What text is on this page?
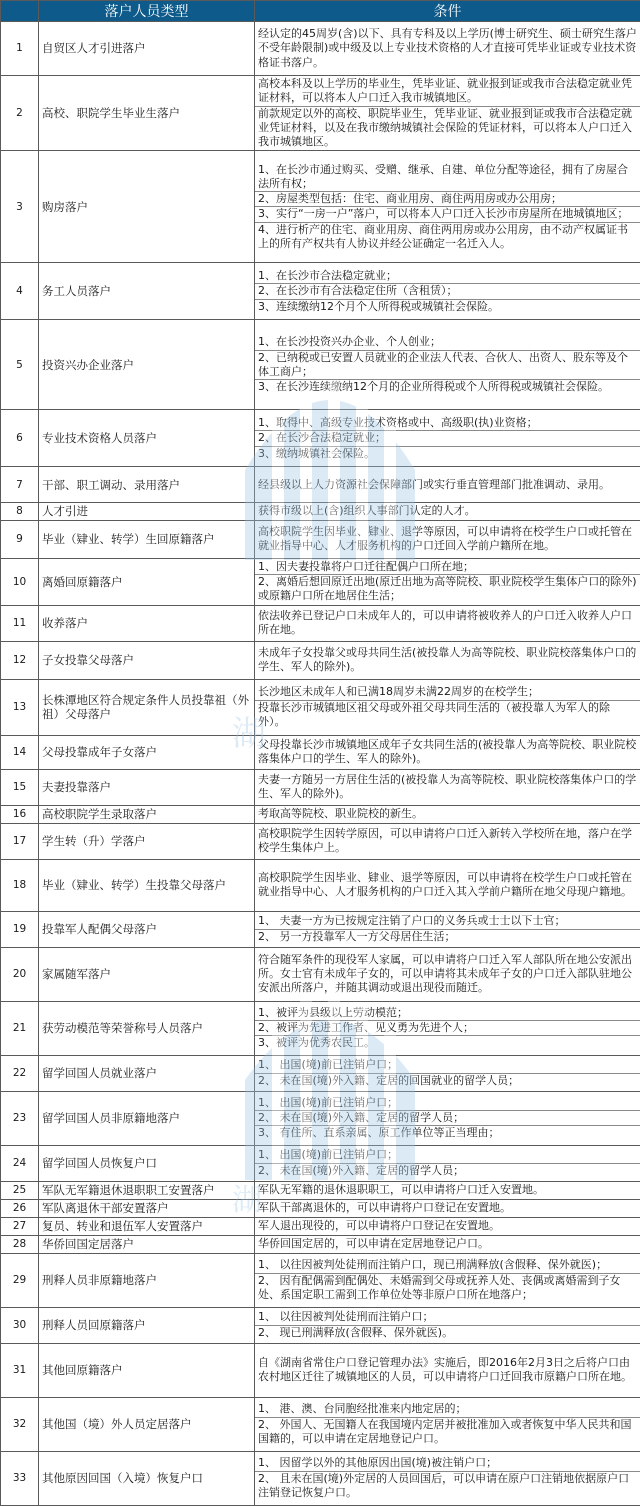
	落户人员类型	条件
1	自贸区人才引进落户	经认定的45周岁(含)以下、具有专科及以上学历(博士研究生、硕士研究生落户不受年龄限制)或中级及以上专业技术资格的人才直接可凭毕业证或专业技术资格证书落户。

2	高校、职院学生毕业生落户	高校本科及以上学历的毕业生，凭毕业证、就业报到证或我市合法稳定就业凭证材料，可以将本人户口迁入我市城镇地区。
前款规定以外的高校、职院毕业生，凭毕业证、就业报到证或我市合法稳定就业凭证材料，以及在我市缴纳城镇社会保险的凭证材料，可以将本人户口迁入我市城镇地区。

3	购房落户	1、在长沙市通过购买、受赠、继承、自建、单位分配等途径，拥有了房屋合法所有权；
2、房屋类型包括：住宅、商业用房、商住两用房或办公用房；
3、实行“一房一户”落户，可以将本人户口迁入长沙市房屋所在地城镇地区；
4、进行析产的住宅、商业用房、商住两用房或办公用房，由不动产权属证书上的所有产权共有人协议并经公证确定一名迁入人。

4	务工人员落户	1、在长沙市合法稳定就业；
2、在长沙市有合法稳定住所（含租赁）；
3、连续缴纳12个月个人所得税或城镇社会保险。

5	投资兴办企业落户	1、在长沙投资兴办企业、个人创业；
2、已纳税或已安置人员就业的企业法人代表、合伙人、出资人、股东等及个体工商户；
3、在长沙连续缴纳12个月的企业所得税或个人所得税或城镇社会保险。

6	专业技术资格人员落户	1、取得中、高级专业技术资格或中、高级职(执)业资格；
2、在长沙合法稳定就业；
3、缴纳城镇社会保险。

7	干部、职工调动、录用落户	经县级以上人力资源社会保障部门或实行垂直管理部门批准调动、录用。

8	人才引进	获得市级以上(含)组织人事部门认定的人才。

9	毕业（肄业、转学）生回原籍落户	高校职院学生因毕业、肄业、退学等原因，可以申请将在校学生户口或托管在就业指导中心、人才服务机构的户口迁回入学前户籍所在地。

10	离婚回原籍落户	1、因夫妻投靠将户口迁往配偶户口所在地；
2、离婚后想回原迁出地(原迁出地为高等院校、职业院校学生集体户口的除外)或原籍户口所在地居住生活；

11	收养落户	依法收养已登记户口未成年人的，可以申请将被收养人的户口迁入收养人户口所在地。

12	子女投靠父母落户	未成年子女投靠父或母共同生活(被投靠人为高等院校、职业院校落集体户口的学生、军人的除外)。

13	长株潭地区符合规定条件人员投靠祖（外祖）父母落户	长沙地区未成年人和已满18周岁未满22周岁的在校学生；
投靠长沙市城镇地区祖父母或外祖父母共同生活的（被投靠人为军人的除外）。

14	父母投靠成年子女落户	父母投靠长沙市城镇地区成年子女共同生活的(被投靠人为高等院校、职业院校落集体户口的学生、军人的除外)。

15	夫妻投靠落户	夫妻一方随另一方居住生活的(被投靠人为高等院校、职业院校落集体户口的学生、军人的除外)。

16	高校职院学生录取落户	考取高等院校、职业院校的新生。

17	学生转（升）学落户	高校职院学生因转学原因，可以申请将户口迁入新转入学校所在地，落户在学校学生集体户上。

18	毕业（肄业、转学）生投靠父母落户	高校职院学生因毕业、肄业、退学等原因，可以申请将在校学生户口或托管在就业指导中心、人才服务机构的户口迁入其入学前户籍所在地父母现户籍地。

19	投靠军人配偶父母落户	1、 夫妻一方为已按规定注销了户口的义务兵或士士以下士官；
2、 另一方投靠军人一方父母居住生活；

20	家属随军落户	符合随军条件的现役军人家属，可以申请将户口迁入军人部队所在地公安派出所。女士官有未成年子女的，可以申请将其未成年子女的户口迁入部队驻地公安派出所落户，并随其调动或退出现役而随迁。

21	获劳动模范等荣誉称号人员落户	1、被评为县级以上劳动模范；
2、被评为先进工作者、见义勇为先进个人；
3、被评为优秀农民工。

22	留学回国人员就业落户	1、 出国(境)前已注销户口；
2、 未在国(境)外入籍、定居的回国就业的留学人员；

23	留学回国人员非原籍地落户	1、 出国(境)前已注销户口；
2、 未在国(境)外入籍、定居的留学人员；
3、 有住所、直系亲属、原工作单位等正当理由；

24	留学回国人员恢复户口	1、 出国(境)前已注销户口；
2、 未在国(境)外入籍、定居的留学人员；

25	军队无军籍退休退职职工安置落户	军队无军籍的退休退职职工，可以申请将户口迁入安置地。

26	军队离退休干部安置落户	军队干部离退休的，可以申请将户口登记在安置地。

27	复员、转业和退伍军人安置落户	军人退出现役的，可以申请将户口登记在安置地。

28	华侨回国定居落户	华侨回国定居的，可以申请在定居地登记户口。

29	刑释人员非原籍地落户	1、 以往因被判处徒刑而注销户口，现已刑满释放(含假释、保外就医)；
2、 因有配偶需到配偶处、未婚需到父母或抚养人处、丧偶或离婚需到子女处、系国定职工需到工作单位处等非原户口所在地落户；

30	刑释人员回原籍落户	1、 以往因被判处徒刑而注销户口；
2、 现已刑满释放(含假释、保外就医)。

31	其他回原籍落户	自《湖南省常住户口登记管理办法》实施后，即2016年2月3日之后将户口由农村地区迁往了城镇地区的人员，可以申请将户口迁回我市原籍户口所在地。

32	其他国（境）外人员定居落户	1、 港、澳、台同胞经批准来内地定居的；
2、 外国人、无国籍人在我国境内定居并被批准加入或者恢复中华人民共和国国籍的，可以申请在定居地登记户口。

33	其他原因回国（入境）恢复户口	1、 因留学以外的其他原因出国(境)被注销户口；
2、 且未在国(境)外定居的人员回国后，可以申请在原户口注销地依据原户口注销登记恢复户口。
湖
湖
